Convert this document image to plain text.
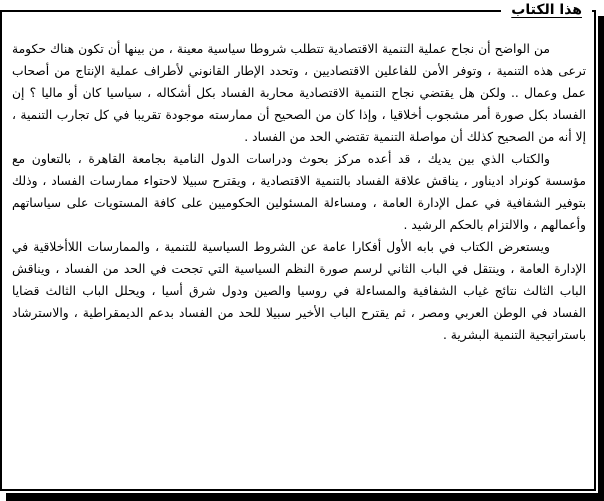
من الواضح أن نجاح عملية التنمية الاقتصادية تتطلب شروطا سياسية معينة ، من بينها أن تكون هناك حكومة ترعى هذه التنمية ، وتوفر الأمن للفاعلين الاقتصاديين ، وتحدد الإطار القانوني لأطراف عملية الإنتاج من أصحاب عمل وعمال .. ولكن هل يقتضي نجاح التنمية الاقتصادية محاربة الفساد بكل أشكاله ، سياسيا كان أو ماليا ؟ إن الفساد بكل صورة أمر مشجوب أخلاقيا ، وإذا كان من الصحيح أن ممارسته موجودة تقريبا في كل تجارب التنمية ، إلا أنه من الصحيح كذلك أن مواصلة التنمية تقتضي الحد من الفساد .

والكتاب الذي بين يديك ، قد أعده مركز بحوث ودراسات الدول النامية بجامعة القاهرة ، بالتعاون مع مؤسسة كونراد اديناور ، يناقش علاقة الفساد بالتنمية الاقتصادية ، ويقترح سبيلا لاحتواء ممارسات الفساد ، وذلك بتوفير الشفافية في عمل الإدارة العامة ، ومساءلة المسئولين الحكوميين على كافة المستويات على سياساتهم وأعمالهم ، والالتزام بالحكم الرشيد .

ويستعرض الكتاب في بابه الأول أفكارا عامة عن الشروط السياسية للتنمية ، والممارسات اللاأخلاقية في الإدارة العامة ، وينتقل في الباب الثاني لرسم صورة النظم السياسية التي تجحت في الحد من الفساد ، ويناقش الباب الثالث نتائج غياب الشفافية والمساءلة في روسيا والصين ودول شرق أسيا ، ويحلل الباب الثالث قضايا الفساد في الوطن العربي ومصر ، ثم يقترح الباب الأخير سبيلا للحد من الفساد بدعم الديمقراطية ، والاسترشاد باستراتيجية التنمية البشرية .

هذا الكتاب
